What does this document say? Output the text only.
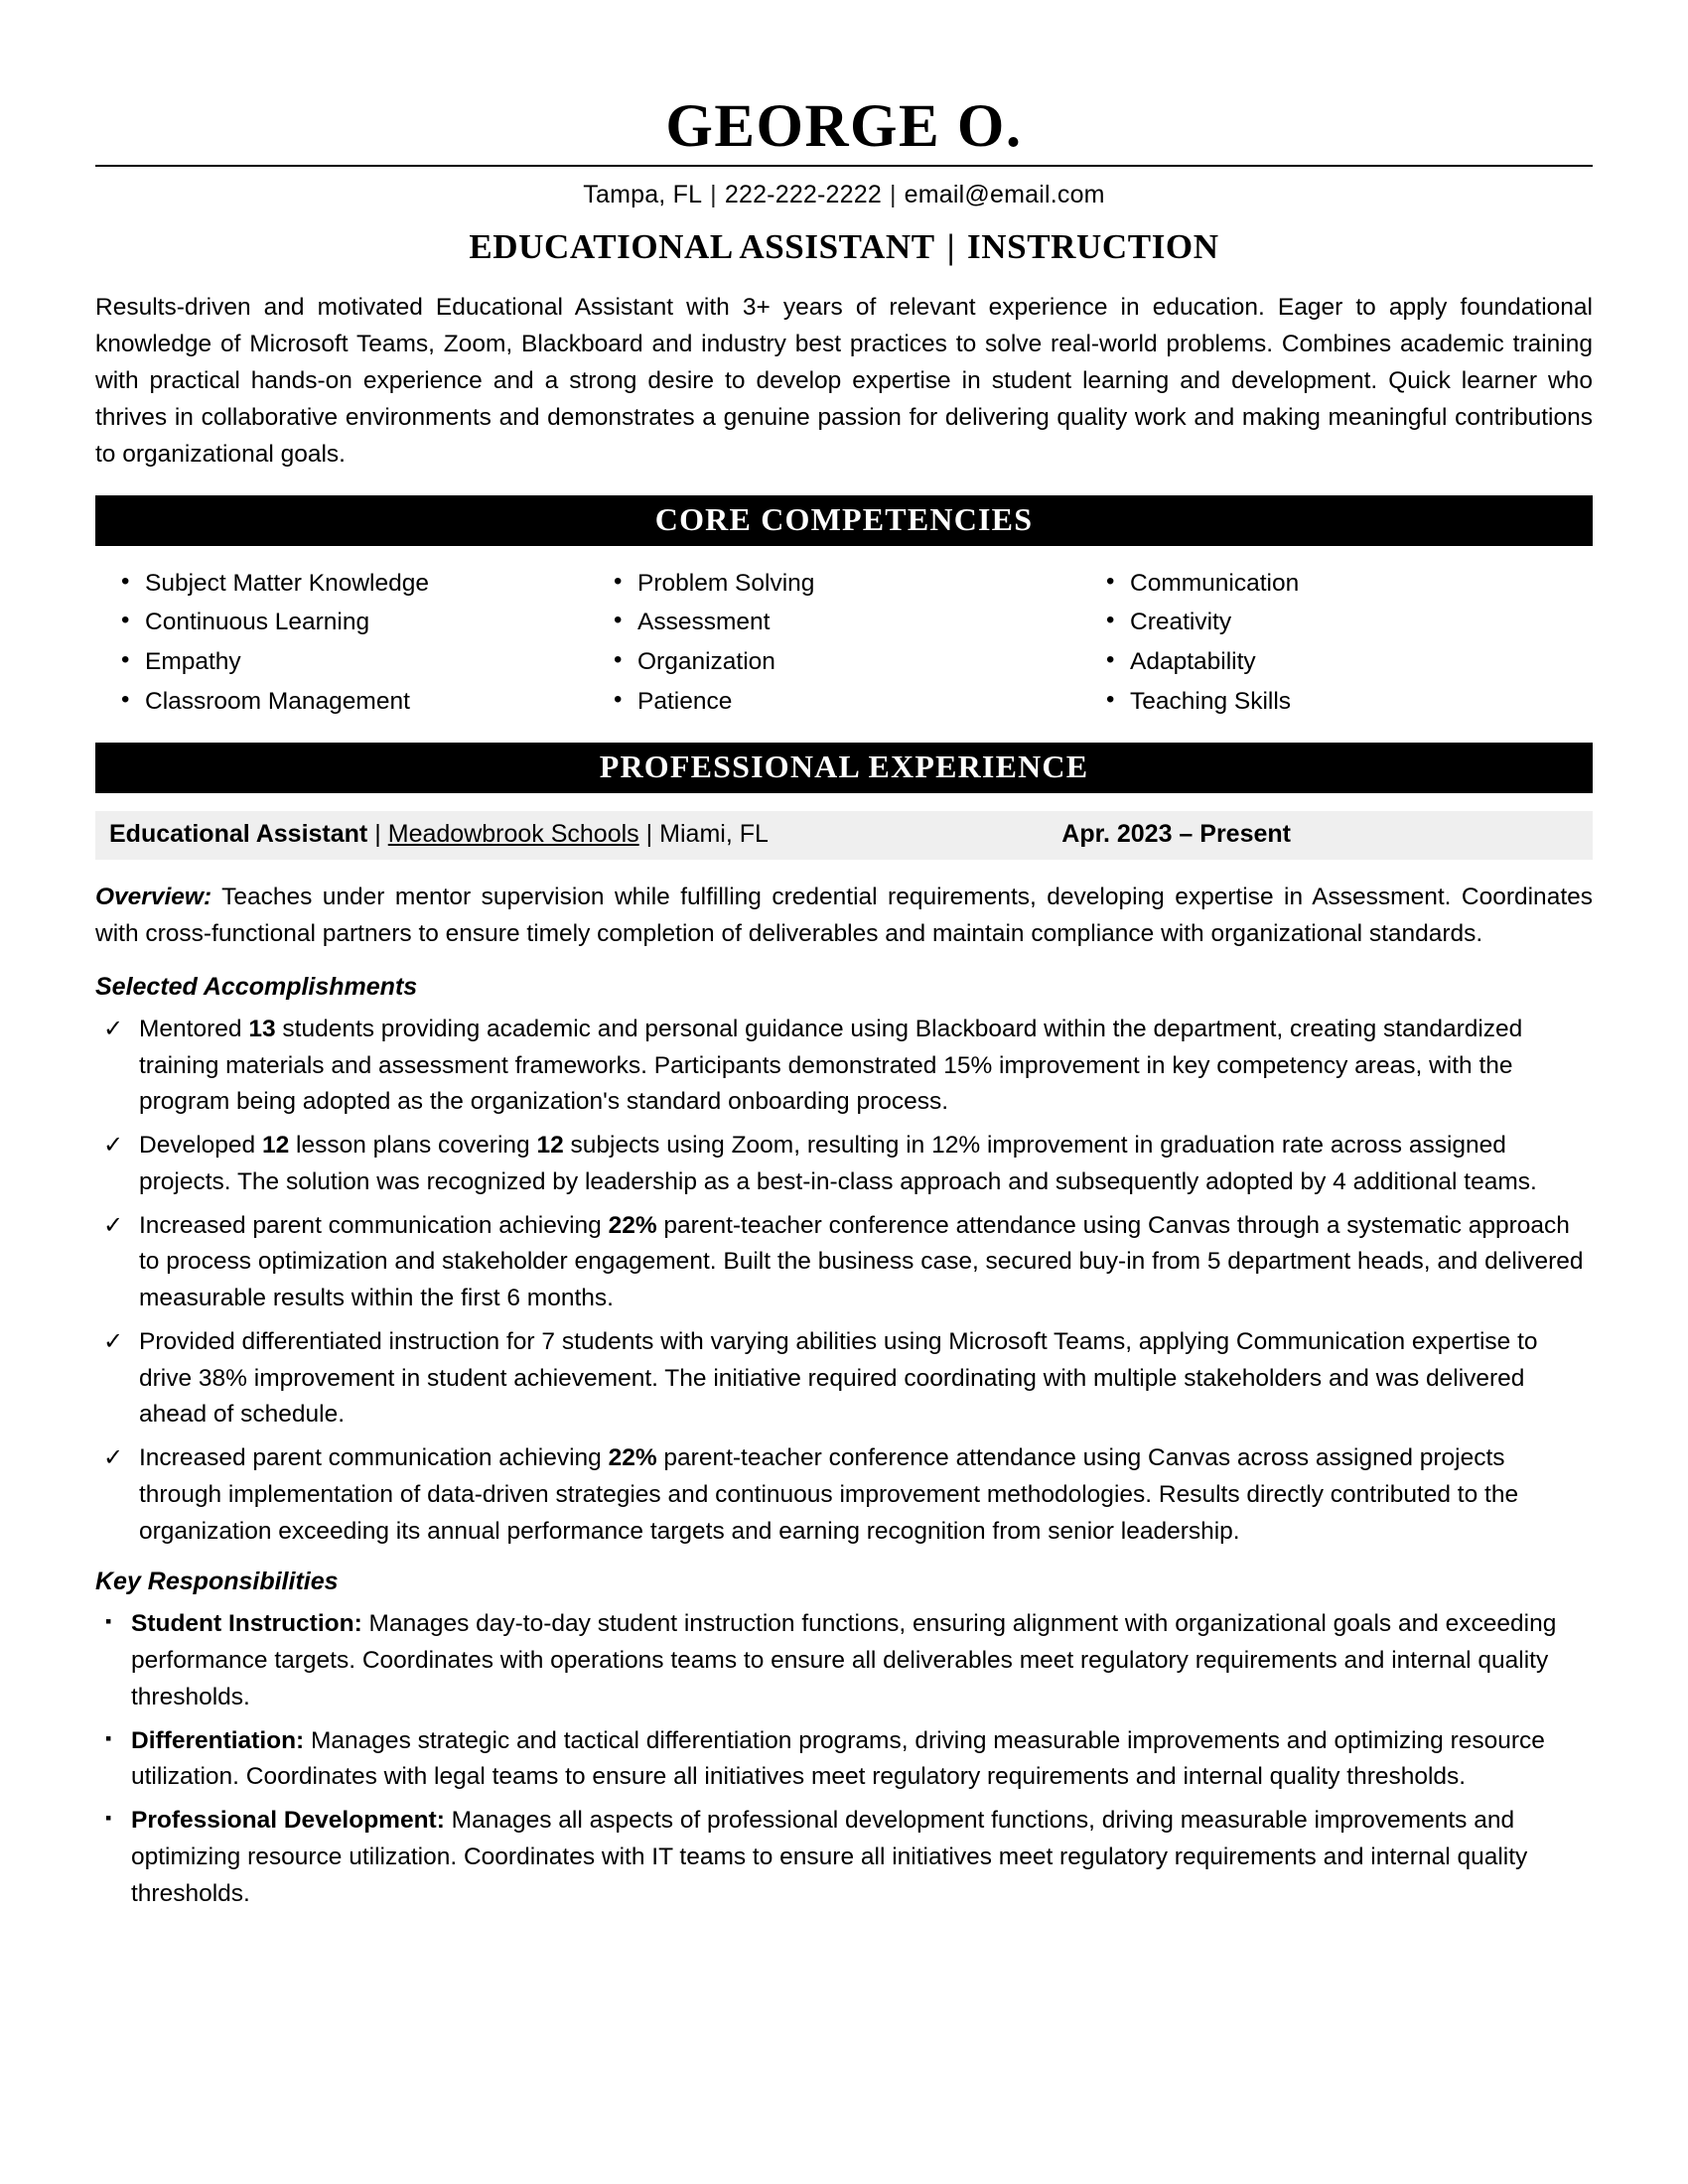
GEORGE O.
Tampa, FL | 222-222-2222 | email@email.com
EDUCATIONAL ASSISTANT | INSTRUCTION
Results-driven and motivated Educational Assistant with 3+ years of relevant experience in education. Eager to apply foundational knowledge of Microsoft Teams, Zoom, Blackboard and industry best practices to solve real-world problems. Combines academic training with practical hands-on experience and a strong desire to develop expertise in student learning and development. Quick learner who thrives in collaborative environments and demonstrates a genuine passion for delivering quality work and making meaningful contributions to organizational goals.
CORE COMPETENCIES
• Subject Matter Knowledge	• Problem Solving	• Communication
• Continuous Learning	• Assessment	• Creativity
• Empathy	• Organization	• Adaptability
• Classroom Management	• Patience	• Teaching Skills
PROFESSIONAL EXPERIENCE
Educational Assistant | Meadowbrook Schools | Miami, FL	Apr. 2023 – Present
Overview: Teaches under mentor supervision while fulfilling credential requirements, developing expertise in Assessment. Coordinates with cross-functional partners to ensure timely completion of deliverables and maintain compliance with organizational standards.
Selected Accomplishments
✓ Mentored 13 students providing academic and personal guidance using Blackboard within the department, creating standardized training materials and assessment frameworks. Participants demonstrated 15% improvement in key competency areas, with the program being adopted as the organization's standard onboarding process.
✓ Developed 12 lesson plans covering 12 subjects using Zoom, resulting in 12% improvement in graduation rate across assigned projects. The solution was recognized by leadership as a best-in-class approach and subsequently adopted by 4 additional teams.
✓ Increased parent communication achieving 22% parent-teacher conference attendance using Canvas through a systematic approach to process optimization and stakeholder engagement. Built the business case, secured buy-in from 5 department heads, and delivered measurable results within the first 6 months.
✓ Provided differentiated instruction for 7 students with varying abilities using Microsoft Teams, applying Communication expertise to drive 38% improvement in student achievement. The initiative required coordinating with multiple stakeholders and was delivered ahead of schedule.
✓ Increased parent communication achieving 22% parent-teacher conference attendance using Canvas across assigned projects through implementation of data-driven strategies and continuous improvement methodologies. Results directly contributed to the organization exceeding its annual performance targets and earning recognition from senior leadership.
Key Responsibilities
▪ Student Instruction: Manages day-to-day student instruction functions, ensuring alignment with organizational goals and exceeding performance targets. Coordinates with operations teams to ensure all deliverables meet regulatory requirements and internal quality thresholds.
▪ Differentiation: Manages strategic and tactical differentiation programs, driving measurable improvements and optimizing resource utilization. Coordinates with legal teams to ensure all initiatives meet regulatory requirements and internal quality thresholds.
▪ Professional Development: Manages all aspects of professional development functions, driving measurable improvements and optimizing resource utilization. Coordinates with IT teams to ensure all initiatives meet regulatory requirements and internal quality thresholds.
